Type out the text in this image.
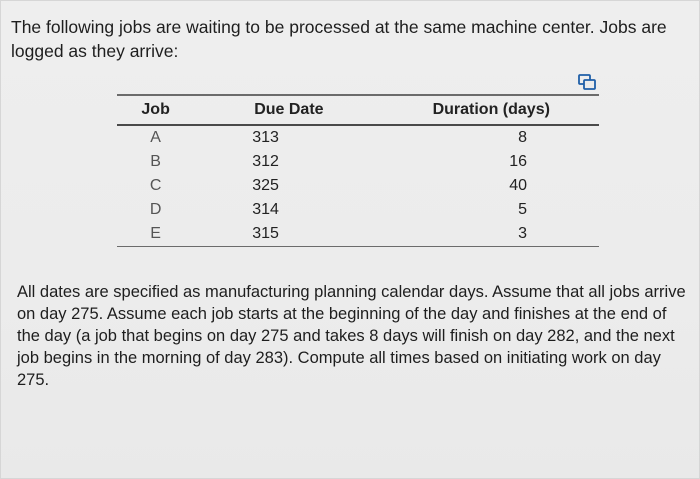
The following jobs are waiting to be processed at the same machine center. Jobs are logged as they arrive:

Job	Due Date	Duration (days)
A	313	8
B	312	16
C	325	40
D	314	5
E	315	3

All dates are specified as manufacturing planning calendar days. Assume that all jobs arrive on day 275. Assume each job starts at the beginning of the day and finishes at the end of the day (a job that begins on day 275 and takes 8 days will finish on day 282, and the next job begins in the morning of day 283). Compute all times based on initiating work on day 275.
